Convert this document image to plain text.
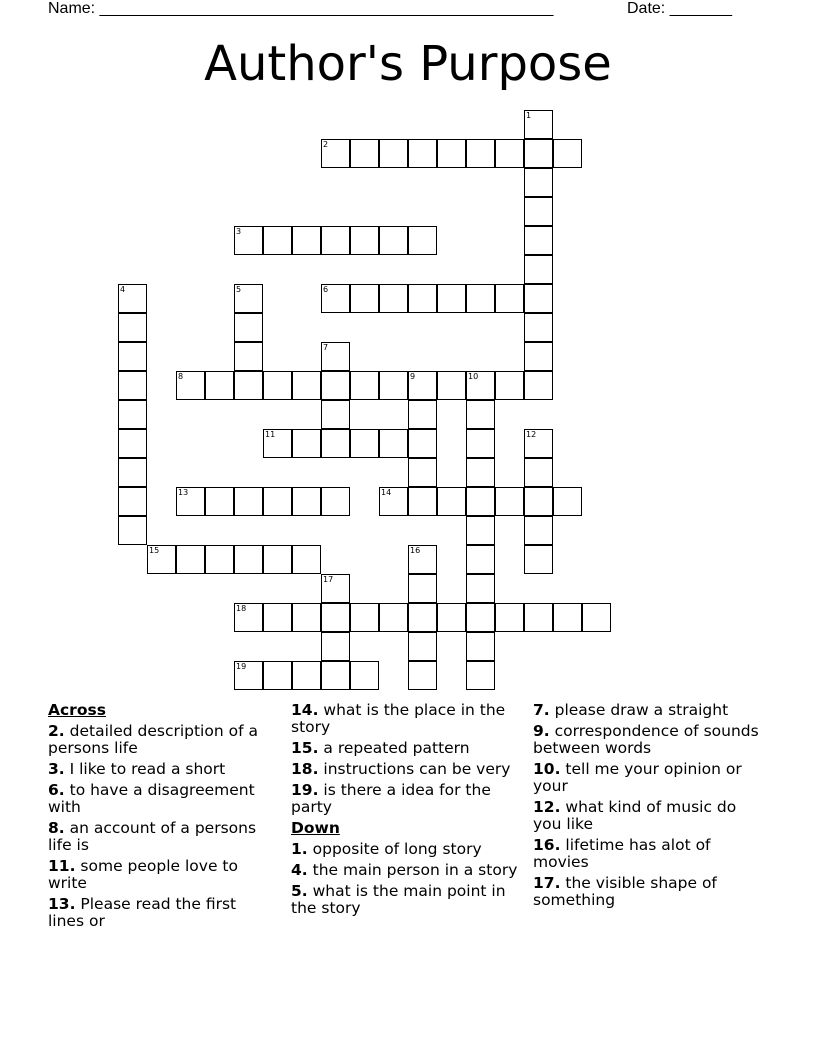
Name: ___________________________________________________	Date: _______
Author's Purpose
1
2
3
4	5	6
7
8	9	10
11	12
13	14
15	16
17
18
19
Across
2. detailed description of a persons life
3. I like to read a short
6. to have a disagreement with
8. an account of a persons life is
11. some people love to write
13. Please read the first lines or
14. what is the place in the story
15. a repeated pattern
18. instructions can be very
19. is there a idea for the party
Down
1. opposite of long story
4. the main person in a story
5. what is the main point in the story
7. please draw a straight
9. correspondence of sounds between words
10. tell me your opinion or your
12. what kind of music do you like
16. lifetime has alot of movies
17. the visible shape of something
